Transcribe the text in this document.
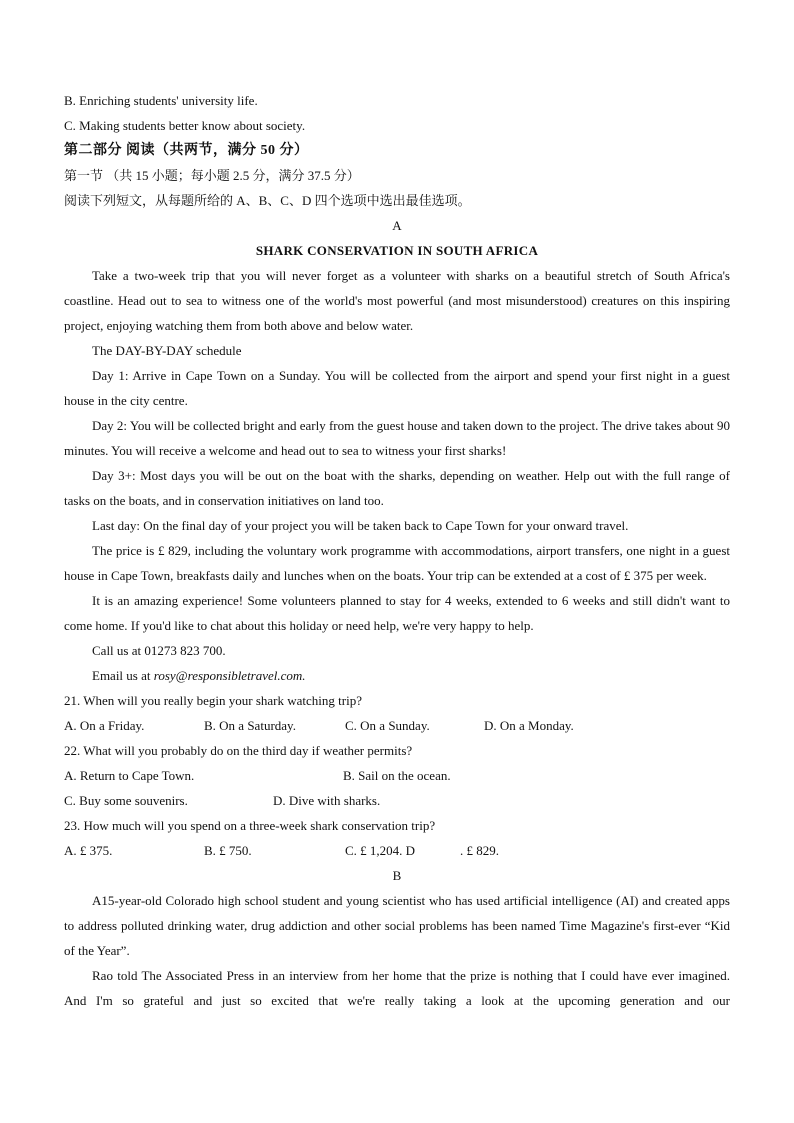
B. Enriching students' university life.
C. Making students better know about society.
第二部分 阅读（共两节，满分 50 分）
第一节 （共 15 小题；每小题 2.5 分，满分 37.5 分）
阅读下列短文，从每题所给的 A、B、C、D 四个选项中选出最佳选项。
A
SHARK CONSERVATION IN SOUTH AFRICA
Take a two-week trip that you will never forget as a volunteer with sharks on a beautiful stretch of South Africa's coastline. Head out to sea to witness one of the world's most powerful (and most misunderstood) creatures on this inspiring project, enjoying watching them from both above and below water.
The DAY-BY-DAY schedule
Day 1: Arrive in Cape Town on a Sunday. You will be collected from the airport and spend your first night in a guest house in the city centre.
Day 2: You will be collected bright and early from the guest house and taken down to the project. The drive takes about 90 minutes. You will receive a welcome and head out to sea to witness your first sharks!
Day 3+: Most days you will be out on the boat with the sharks, depending on weather. Help out with the full range of tasks on the boats, and in conservation initiatives on land too.
Last day: On the final day of your project you will be taken back to Cape Town for your onward travel.
The price is £ 829, including the voluntary work programme with accommodations, airport transfers, one night in a guest house in Cape Town, breakfasts daily and lunches when on the boats. Your trip can be extended at a cost of £ 375 per week.
It is an amazing experience! Some volunteers planned to stay for 4 weeks, extended to 6 weeks and still didn't want to come home. If you'd like to chat about this holiday or need help, we're very happy to help.
Call us at 01273 823 700.
Email us at rosy@responsibletravel.com.
21. When will you really begin your shark watching trip?
A. On a Friday.	B. On a Saturday.	C. On a Sunday.	D. On a Monday.
22. What will you probably do on the third day if weather permits?
A. Return to Cape Town.	B. Sail on the ocean.
C. Buy some souvenirs.	D. Dive with sharks.
23. How much will you spend on a three-week shark conservation trip?
A. £ 375.	B. £ 750.	C. £ 1,204. D	. £ 829.
B
A15-year-old Colorado high school student and young scientist who has used artificial intelligence (AI) and created apps to address polluted drinking water, drug addiction and other social problems has been named Time Magazine's first-ever “Kid of the Year”.
Rao told The Associated Press in an interview from her home that the prize is nothing that I could have ever imagined. And I'm so grateful and just so excited that we're really taking a look at the upcoming generation and our
